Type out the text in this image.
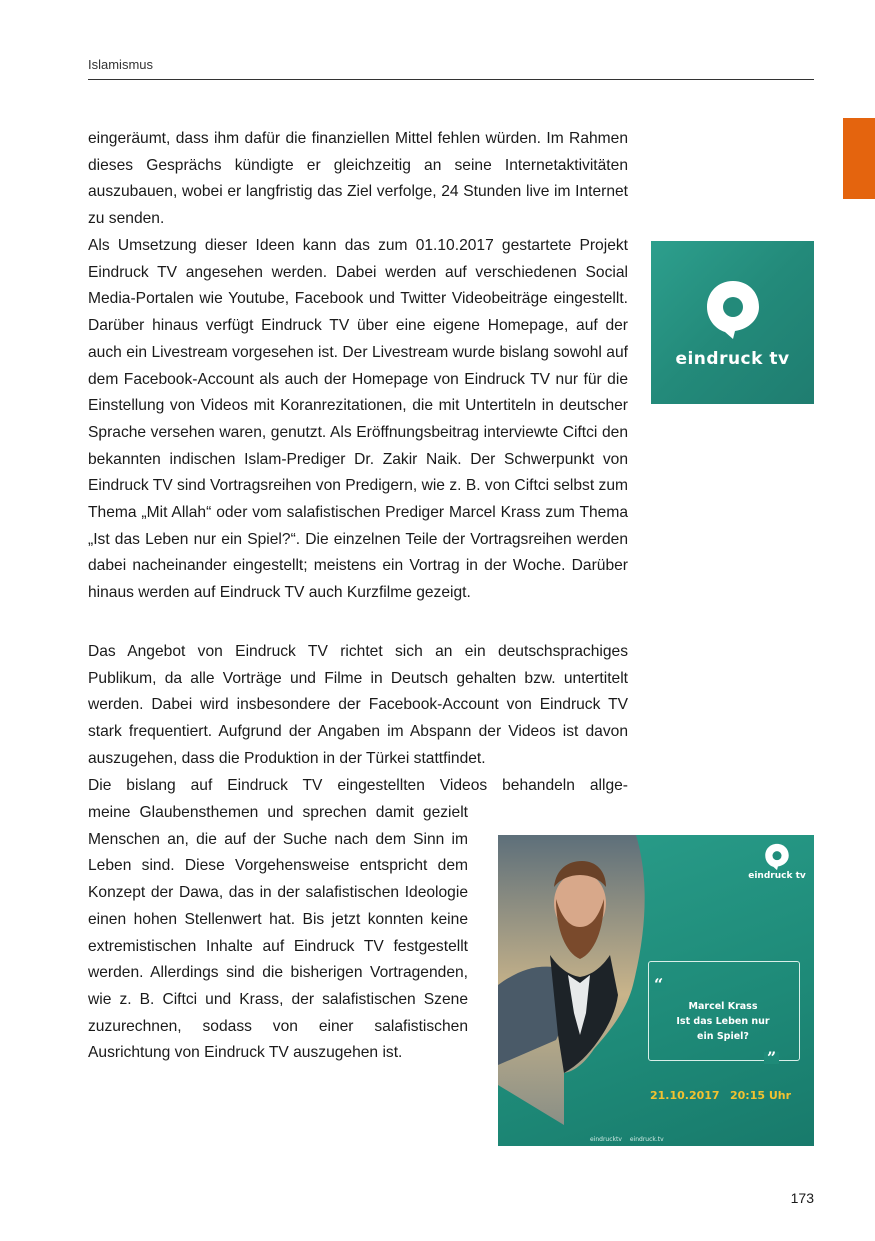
Islamismus

eingeräumt, dass ihm dafür die finanziellen Mittel fehlen würden. Im Rahmen dieses Gesprächs kündigte er gleichzeitig an seine Internetaktivitäten auszubauen, wobei er langfristig das Ziel verfolge, 24 Stunden live im Internet zu senden.

Als Umsetzung dieser Ideen kann das zum 01.10.2017 gestartete Projekt Eindruck TV angesehen werden. Dabei werden auf verschiedenen Social Media-Portalen wie Youtube, Facebook und Twitter Videobeiträge eingestellt. Darüber hinaus verfügt Eindruck TV über eine eigene Homepage, auf der auch ein Livestream vorgesehen ist. Der Livestream wurde bislang sowohl auf dem Facebook-Account als auch der Homepage von Eindruck TV nur für die Einstellung von Videos mit Koranrezitationen, die mit Untertiteln in deutscher Sprache versehen waren, genutzt. Als Eröffnungsbeitrag interviewte Ciftci den bekannten indischen Islam-Prediger Dr. Zakir Naik. Der Schwerpunkt von Eindruck TV sind Vortragsreihen von Predigern, wie z. B. von Ciftci selbst zum Thema „Mit Allah“ oder vom salafistischen Prediger Marcel Krass zum Thema „Ist das Leben nur ein Spiel?“. Die einzelnen Teile der Vortragsreihen werden dabei nacheinander eingestellt; meistens ein Vortrag in der Woche. Darüber hinaus werden auf Eindruck TV auch Kurzfilme gezeigt.

Das Angebot von Eindruck TV richtet sich an ein deutschsprachiges Publikum, da alle Vorträge und Filme in Deutsch gehalten bzw. untertitelt werden. Dabei wird insbesondere der Facebook-Account von Eindruck TV stark frequentiert. Aufgrund der Angaben im Abspann der Videos ist davon auszugehen, dass die Produktion in der Türkei stattfindet.

Die bislang auf Eindruck TV eingestellten Videos behandeln allge-

meine Glaubensthemen und sprechen damit gezielt Menschen an, die auf der Suche nach dem Sinn im Leben sind. Diese Vorgehensweise entspricht dem Konzept der Dawa, das in der salafistischen Ideologie einen hohen Stellenwert hat. Bis jetzt konnten keine extremistischen Inhalte auf Eindruck TV festgestellt werden. Allerdings sind die bisherigen Vortragenden, wie z. B. Ciftci und Krass, der salafistischen Szene zuzurechnen, sodass von einer salafistischen Ausrichtung von Eindruck TV auszugehen ist.

eindruck tv
eindruck tv
“
”
Marcel Krass
Ist das Leben nur
ein Spiel?
21.10.2017 20:15 Uhr
eindrucktv eindruck.tv
173
